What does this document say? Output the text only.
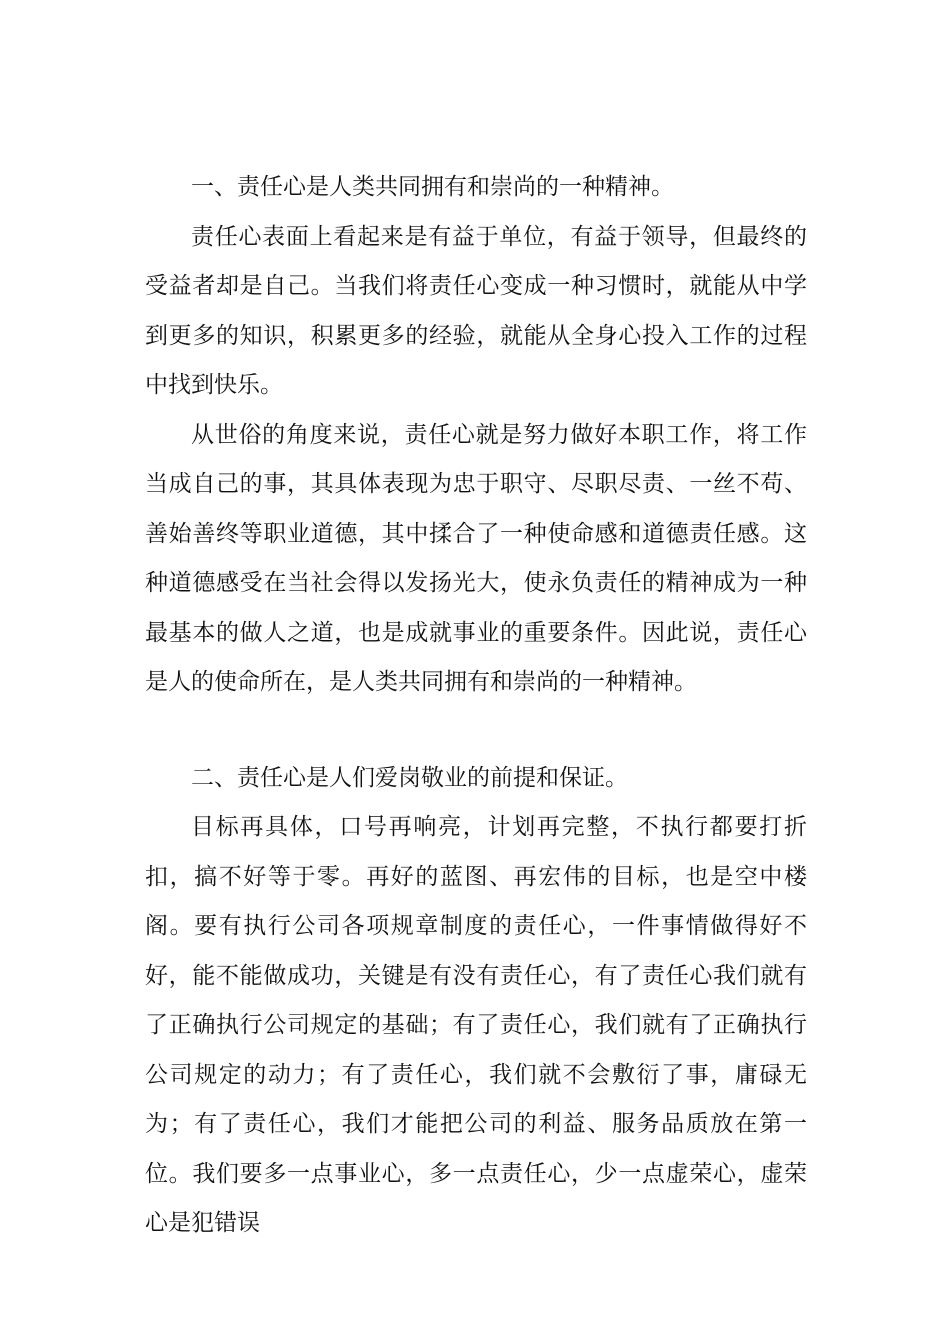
一、责任心是人类共同拥有和崇尚的一种精神。

责任心表面上看起来是有益于单位，有益于领导，但最终的受益者却是自己。当我们将责任心变成一种习惯时，就能从中学到更多的知识，积累更多的经验，就能从全身心投入工作的过程中找到快乐。

从世俗的角度来说，责任心就是努力做好本职工作，将工作当成自己的事，其具体表现为忠于职守、尽职尽责、一丝不苟、善始善终等职业道德，其中揉合了一种使命感和道德责任感。这种道德感受在当社会得以发扬光大，使永负责任的精神成为一种最基本的做人之道，也是成就事业的重要条件。因此说，责任心是人的使命所在，是人类共同拥有和崇尚的一种精神。

二、责任心是人们爱岗敬业的前提和保证。

目标再具体，口号再响亮，计划再完整，不执行都要打折扣，搞不好等于零。再好的蓝图、再宏伟的目标，也是空中楼阁。要有执行公司各项规章制度的责任心，一件事情做得好不好，能不能做成功，关键是有没有责任心，有了责任心我们就有了正确执行公司规定的基础；有了责任心，我们就有了正确执行公司规定的动力；有了责任心，我们就不会敷衍了事，庸碌无为；有了责任心，我们才能把公司的利益、服务品质放在第一位。我们要多一点事业心，多一点责任心，少一点虚荣心，虚荣心是犯错误
